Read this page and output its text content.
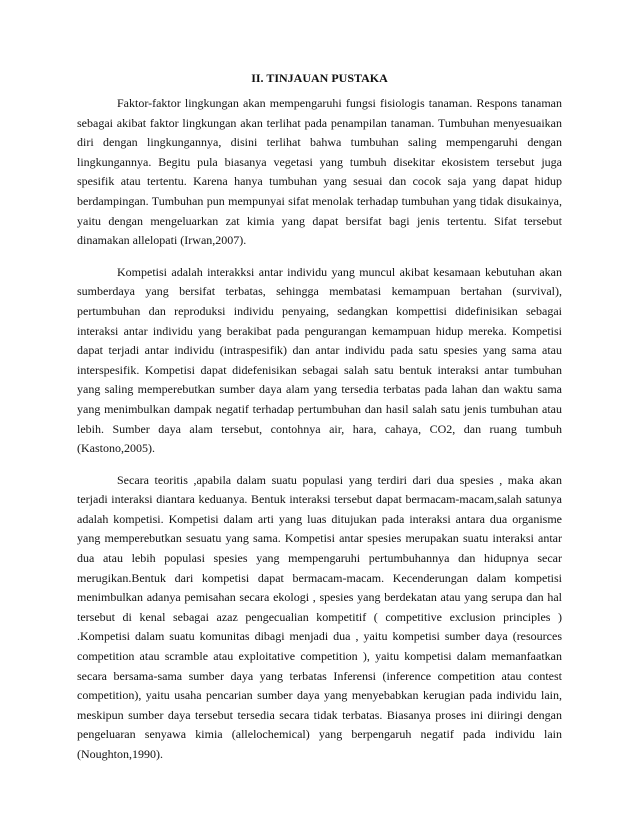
II. TINJAUAN PUSTAKA

Faktor-faktor lingkungan akan mempengaruhi fungsi fisiologis tanaman. Respons tanaman sebagai akibat faktor lingkungan akan terlihat pada penampilan tanaman. Tumbuhan menyesuaikan diri dengan lingkungannya, disini terlihat bahwa tumbuhan saling mempengaruhi dengan lingkungannya. Begitu pula biasanya vegetasi yang tumbuh disekitar ekosistem tersebut juga spesifik atau tertentu. Karena hanya tumbuhan yang sesuai dan cocok saja yang dapat hidup berdampingan. Tumbuhan pun mempunyai sifat menolak terhadap tumbuhan yang tidak disukainya, yaitu dengan mengeluarkan zat kimia yang dapat bersifat bagi jenis tertentu. Sifat tersebut dinamakan allelopati (Irwan,2007).

Kompetisi adalah interakksi antar individu yang muncul akibat kesamaan kebutuhan akan sumberdaya yang bersifat terbatas, sehingga membatasi kemampuan bertahan (survival), pertumbuhan dan reproduksi individu penyaing, sedangkan kompettisi didefinisikan sebagai interaksi antar individu yang berakibat pada pengurangan kemampuan hidup mereka. Kompetisi dapat terjadi antar individu (intraspesifik) dan antar individu pada satu spesies yang sama atau interspesifik. Kompetisi dapat didefenisikan sebagai salah satu bentuk interaksi antar tumbuhan yang saling memperebutkan sumber daya alam yang tersedia terbatas pada lahan dan waktu sama yang menimbulkan dampak negatif terhadap pertumbuhan dan hasil salah satu jenis tumbuhan atau lebih. Sumber daya alam tersebut, contohnya air, hara, cahaya, CO2, dan ruang tumbuh (Kastono,2005).

Secara teoritis ,apabila dalam suatu populasi yang terdiri dari dua spesies , maka akan terjadi interaksi diantara keduanya. Bentuk interaksi tersebut dapat bermacam-macam,salah satunya adalah kompetisi. Kompetisi dalam arti yang luas ditujukan pada interaksi antara dua organisme yang memperebutkan sesuatu yang sama. Kompetisi antar spesies merupakan suatu interaksi antar dua atau lebih populasi spesies yang mempengaruhi pertumbuhannya dan hidupnya secar merugikan.Bentuk dari kompetisi dapat bermacam-macam. Kecenderungan dalam kompetisi menimbulkan adanya pemisahan secara ekologi , spesies yang berdekatan atau yang serupa dan hal tersebut di kenal sebagai azaz pengecualian kompetitif ( competitive exclusion principles ) .Kompetisi dalam suatu komunitas dibagi menjadi dua , yaitu kompetisi sumber daya (resources competition atau scramble atau exploitative competition ), yaitu kompetisi dalam memanfaatkan secara bersama-sama sumber daya yang terbatas Inferensi (inference competition atau contest competition), yaitu usaha pencarian sumber daya yang menyebabkan kerugian pada individu lain, meskipun sumber daya tersebut tersedia secara tidak terbatas. Biasanya proses ini diiringi dengan pengeluaran senyawa kimia (allelochemical) yang berpengaruh negatif pada individu lain (Noughton,1990).
